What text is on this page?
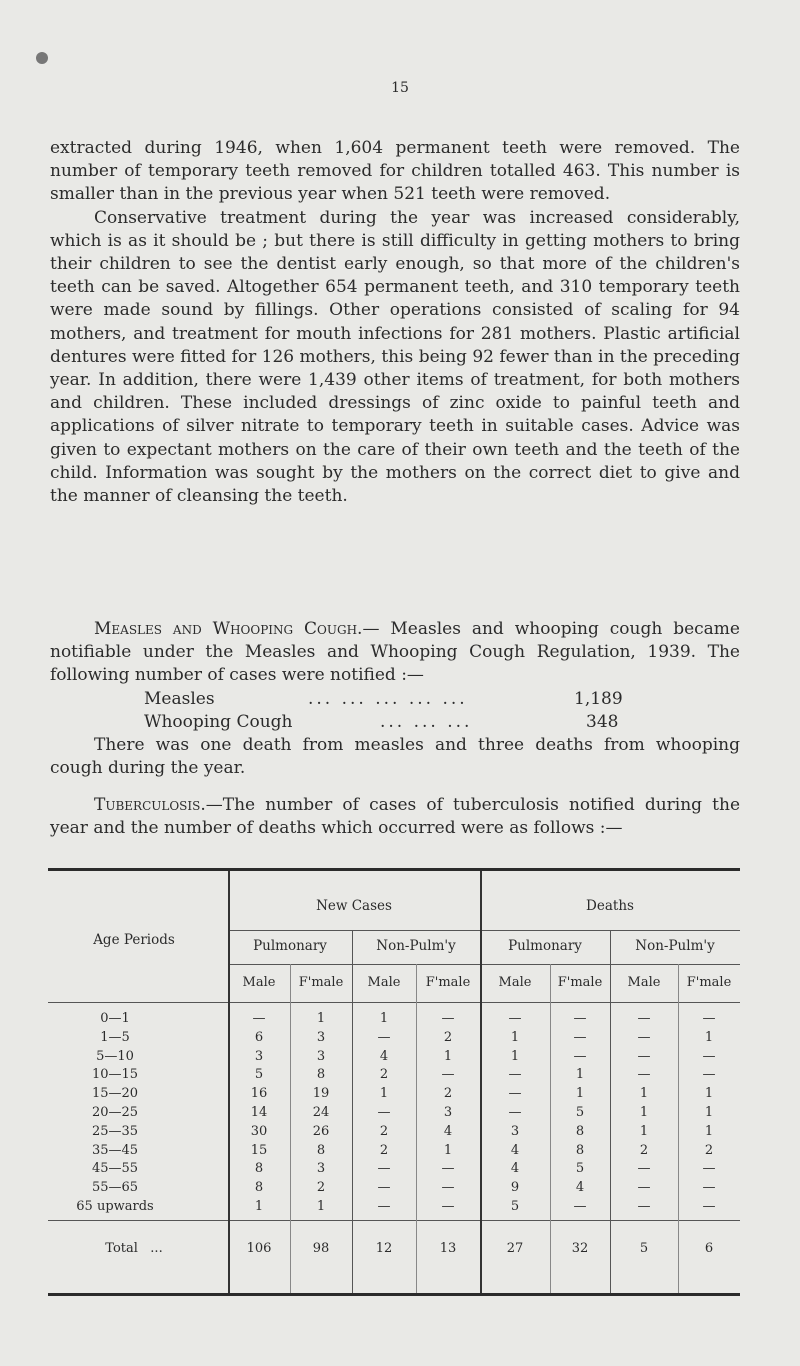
15

extracted during 1946, when 1,604 permanent teeth were removed. The number of temporary teeth removed for children totalled 463. This number is smaller than in the previous year when 521 teeth were removed.

Conservative treatment during the year was increased considerably, which is as it should be ; but there is still difficulty in getting mothers to bring their children to see the dentist early enough, so that more of the children's teeth can be saved. Altogether 654 permanent teeth, and 310 temporary teeth were made sound by fillings. Other operations consisted of scaling for 94 mothers, and treatment for mouth infections for 281 mothers. Plastic artificial dentures were fitted for 126 mothers, this being 92 fewer than in the preceding year. In addition, there were 1,439 other items of treatment, for both mothers and children. These included dressings of zinc oxide to painful teeth and applications of silver nitrate to temporary teeth in suitable cases. Advice was given to expectant mothers on the care of their own teeth and the teeth of the child. Information was sought by the mothers on the correct diet to give and the manner of cleansing the teeth.

Measles and Whooping Cough.— Measles and whooping cough became notifiable under the Measles and Whooping Cough Regulation, 1939. The following number of cases were notified :—

Measles	... ... ... ... ...	1,189
Whooping Cough	... ... ...	348

There was one death from measles and three deaths from whooping cough during the year.

Tuberculosis.—The number of cases of tuberculosis notified during the year and the number of deaths which occurred were as follows :—

Age Periods
New Cases	Deaths
Pulmonary	Non-Pulm'y	Pulmonary	Non-Pulm'y
Male	F'male	Male	F'male	Male	F'male	Male	F'male
0—1	—	1	1	—	—	—	—	—
1—5	6	3	—	2	1	—	—	1
5—10	3	3	4	1	1	—	—	—
10—15	5	8	2	—	—	1	—	—
15—20	16	19	1	2	—	1	1	1
20—25	14	24	—	3	—	5	1	1
25—35	30	26	2	4	3	8	1	1
35—45	15	8	2	1	4	8	2	2
45—55	8	3	—	—	4	5	—	—
55—65	8	2	—	—	9	4	—	—
65 upwards	1	1	—	—	5	—	—	—
Total   ...	106	98	12	13	27	32	5	6
